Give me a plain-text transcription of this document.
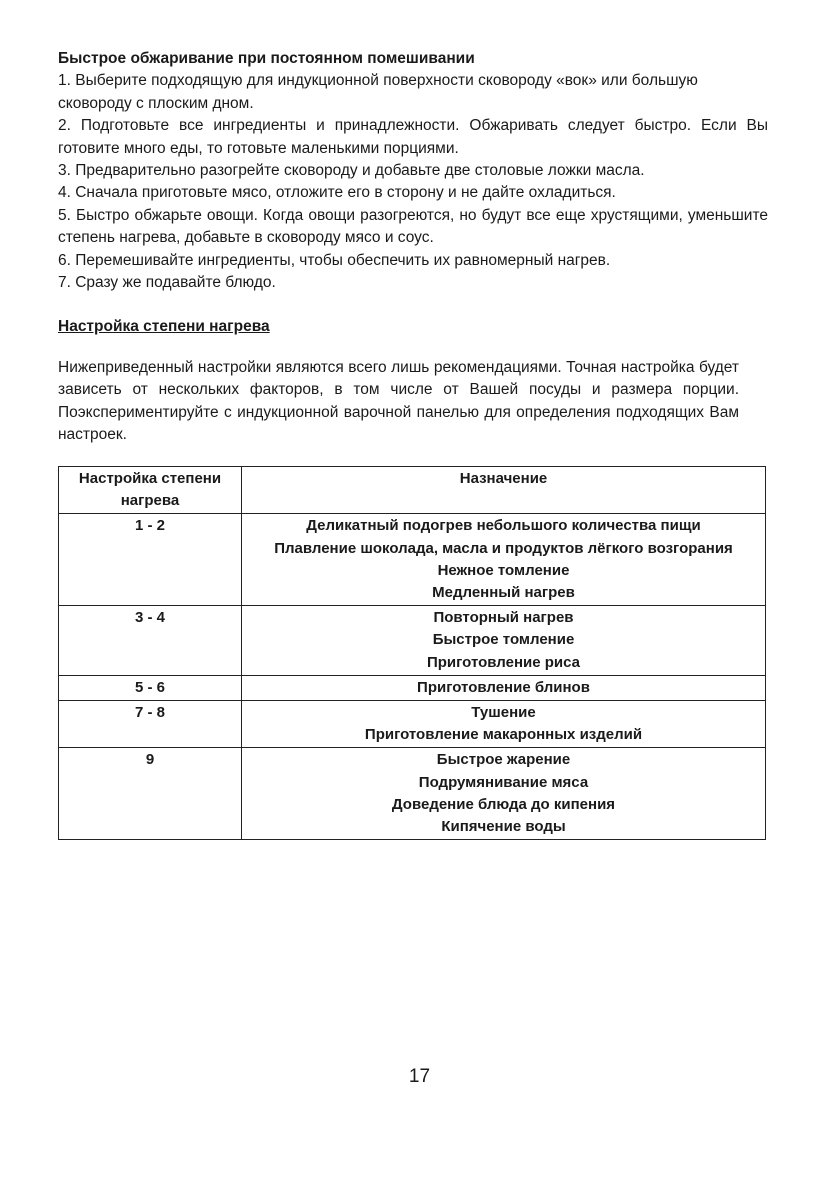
Быстрое обжаривание при постоянном помешивании

1. Выберите подходящую для индукционной поверхности сковороду «вок» или большую сковороду с плоским дном.

2. Подготовьте все ингредиенты и принадлежности. Обжаривать следует быстро. Если Вы готовите много еды, то готовьте маленькими порциями.

3. Предварительно разогрейте сковороду и добавьте две столовые ложки масла.

4. Сначала приготовьте мясо, отложите его в сторону и не дайте охладиться.

5. Быстро обжарьте овощи. Когда овощи разогреются, но будут все еще хрустящими, уменьшите степень нагрева, добавьте в сковороду мясо и соус.

6. Перемешивайте ингредиенты, чтобы обеспечить их равномерный нагрев.

7. Сразу же подавайте блюдо.

Настройка степени нагрева

Нижеприведенный настройки являются всего лишь рекомендациями. Точная настройка будет зависеть от нескольких факторов, в том числе от Вашей посуды и размера порции. Поэкспериментируйте с индукционной варочной панелью для определения подходящих Вам настроек.

Настройка степени нагрева	Назначение
1 - 2	Деликатный подогрев небольшого количества пищи
Плавление шоколада, масла и продуктов лёгкого возгорания
Нежное томление
Медленный нагрев

3 - 4	Повторный нагрев
Быстрое томление
Приготовление риса

5 - 6	Приготовление блинов

7 - 8	Тушение
Приготовление макаронных изделий

9	Быстрое жарение
Подрумянивание мяса
Доведение блюда до кипения
Кипячение воды
17
